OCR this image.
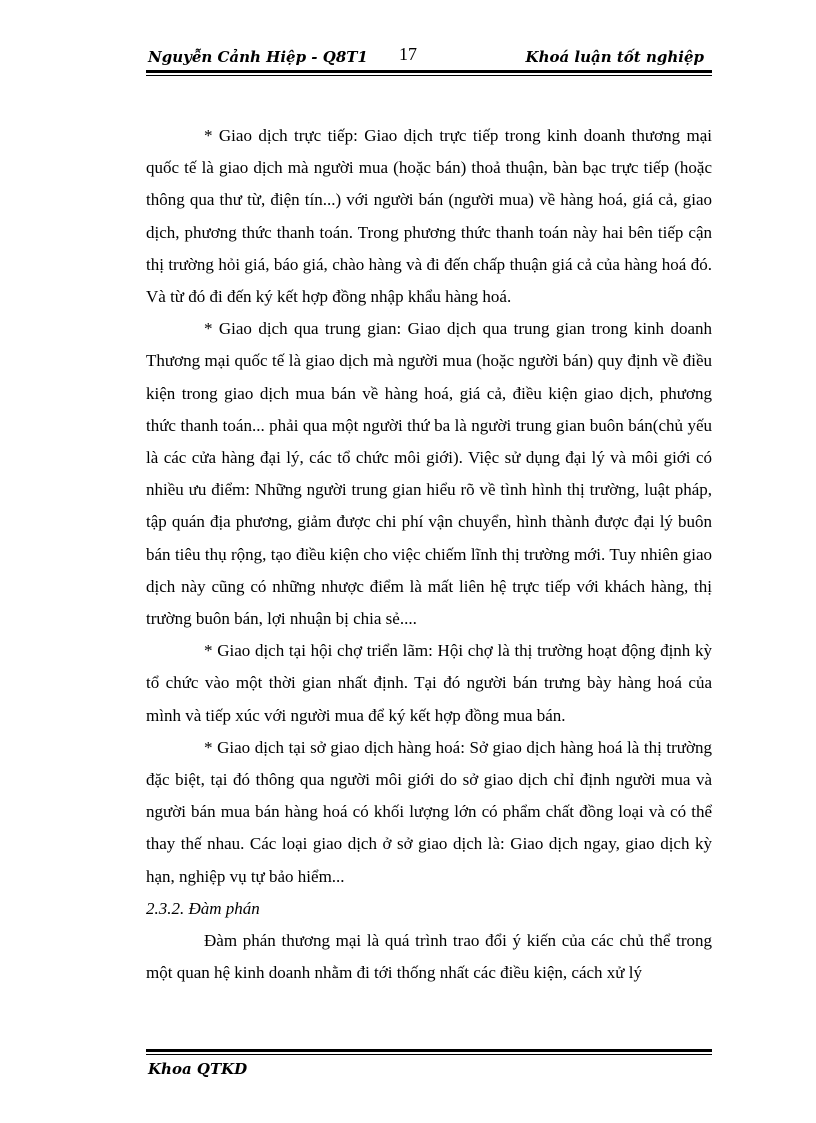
Nguyễn Cảnh Hiệp - Q8T1	17	Khoá luận tốt nghiệp

* Giao dịch trực tiếp: Giao dịch trực tiếp trong kinh doanh thương mại quốc tế là giao dịch mà người mua (hoặc bán) thoả thuận, bàn bạc trực tiếp (hoặc thông qua thư từ, điện tín...) với người bán (người mua) về hàng hoá, giá cả, giao dịch, phương thức thanh toán. Trong phương thức thanh toán này hai bên tiếp cận thị trường hỏi giá, báo giá, chào hàng và đi đến chấp thuận giá cả của hàng hoá đó. Và từ đó đi đến ký kết hợp đồng nhập khẩu hàng hoá.

* Giao dịch qua trung gian: Giao dịch qua trung gian trong kinh doanh Thương mại quốc tế là giao dịch mà người mua (hoặc người bán) quy định về điều kiện trong giao dịch mua bán về hàng hoá, giá cả, điều kiện giao dịch, phương thức thanh toán... phải qua một người thứ ba là người trung gian buôn bán(chủ yếu là các cửa hàng đại lý, các tổ chức môi giới). Việc sử dụng đại lý và môi giới có nhiều ưu điểm: Những người trung gian hiểu rõ về tình hình thị trường, luật pháp, tập quán địa phương, giảm được chi phí vận chuyển, hình thành được đại lý buôn bán tiêu thụ rộng, tạo điều kiện cho việc chiếm lĩnh thị trường mới. Tuy nhiên giao dịch này cũng có những nhược điểm là mất liên hệ trực tiếp với khách hàng, thị trường buôn bán, lợi nhuận bị chia sẻ....

* Giao dịch tại hội chợ triển lãm: Hội chợ là thị trường hoạt động định kỳ tổ chức vào một thời gian nhất định. Tại đó người bán trưng bày hàng hoá của mình và tiếp xúc với người mua để ký kết hợp đồng mua bán.

* Giao dịch tại sở giao dịch hàng hoá: Sở giao dịch hàng hoá là thị trường đặc biệt, tại đó thông qua người môi giới do sở giao dịch chỉ định người mua và người bán mua bán hàng hoá có khối lượng lớn có phẩm chất đồng loại và có thể thay thế nhau. Các loại giao dịch ở sở giao dịch là: Giao dịch ngay, giao dịch kỳ hạn, nghiệp vụ tự bảo hiểm...

2.3.2. Đàm phán

Đàm phán thương mại là quá trình trao đổi ý kiến của các chủ thể trong một quan hệ kinh doanh nhằm đi tới thống nhất các điều kiện, cách xử lý

Khoa QTKD
